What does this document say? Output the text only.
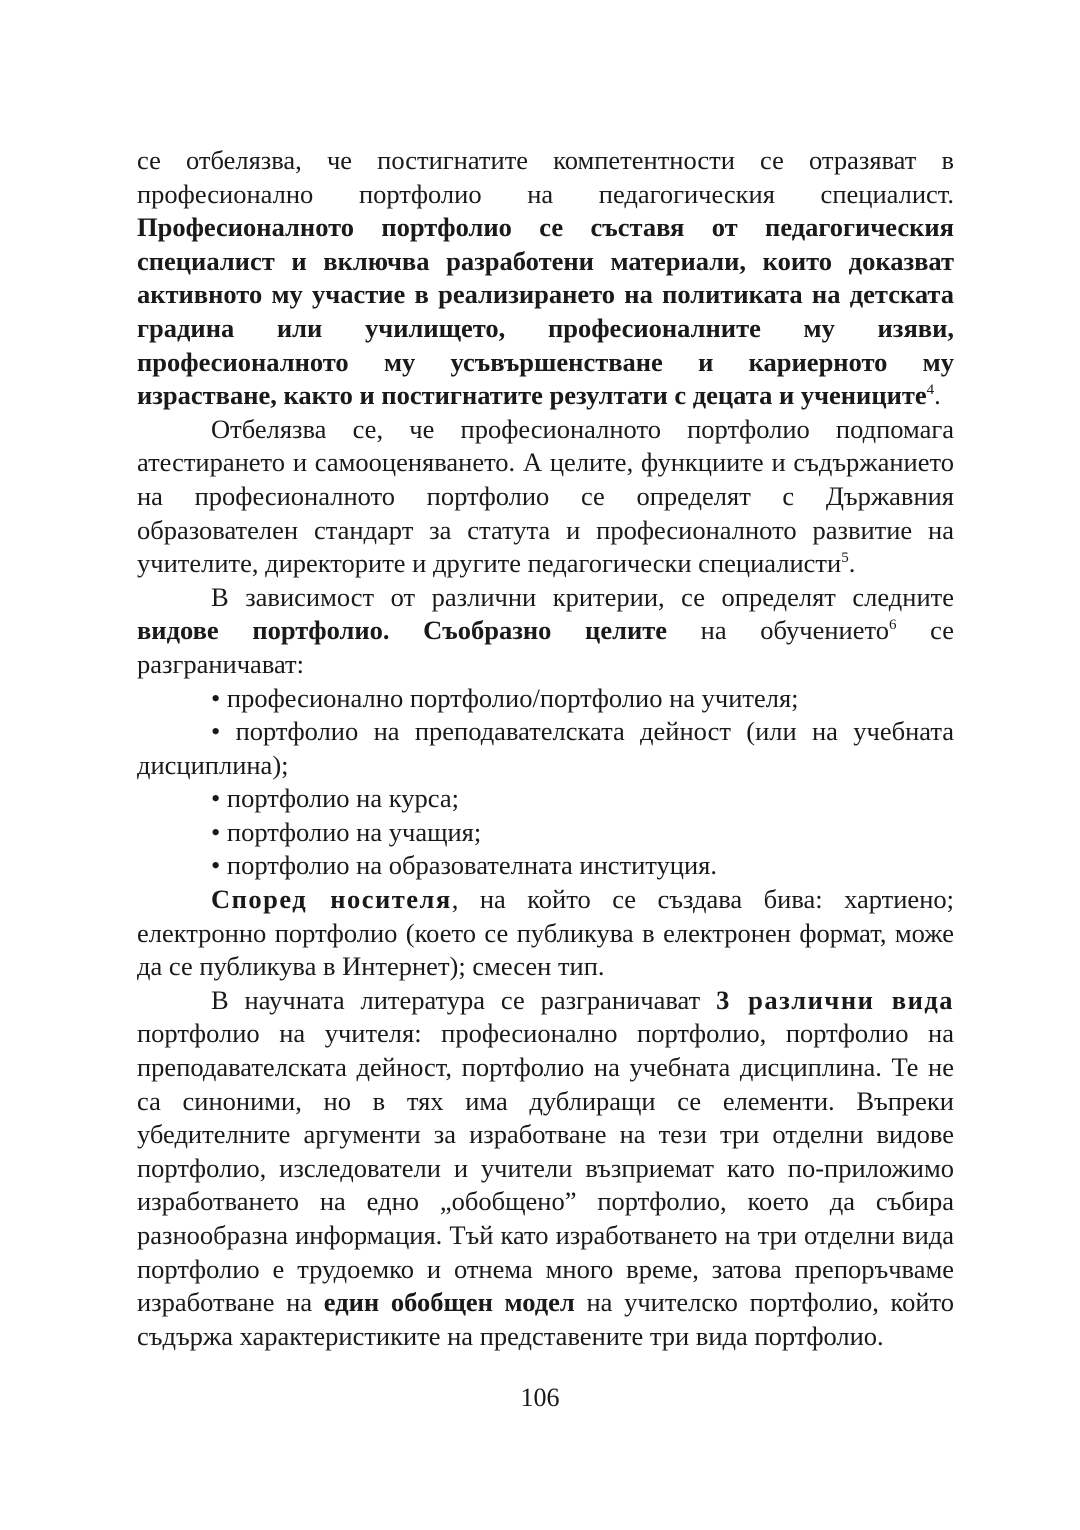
се отбелязва, че постигнатите компетентности се отразяват в професионално портфолио на педагогическия специалист. Професионалното портфолио се съставя от педагогическия специалист и включва разработени материали, които доказват активното му участие в реализирането на политиката на детската градина или училището, професионалните му изяви, професионалното му усъвършенстване и кариерното му израстване, както и постигнатите резултати с децата и учениците$^4$.

Отбелязва се, че професионалното портфолио подпомага атестирането и самооценяването. А целите, функциите и съдържанието на професионалното портфолио се определят с Държавния образователен стандарт за статута и професионалното развитие на учителите, директорите и другите педагогически специалисти$^5$.

В зависимост от различни критерии, се определят следните видове портфолио. Съобразно целите на обучението$^6$ се разграничават:

• професионално портфолио/портфолио на учителя;

• портфолио на преподавателската дейност (или на учебната дисциплина);

• портфолио на курса;

• портфолио на учащия;

• портфолио на образователната институция.

Според носителя, на който се създава бива: хартиено; електронно портфолио (което се публикува в електронен формат, може да се публикува в Интернет); смесен тип.

В научната литература се разграничават 3 различни вида портфолио на учителя: професионално портфолио, портфолио на преподавателската дейност, портфолио на учебната дисциплина. Те не са синоними, но в тях има дублиращи се елементи. Въпреки убедителните аргументи за изработване на тези три отделни видове портфолио, изследователи и учители възприемат като по-приложимо изработването на едно „обобщено” портфолио, което да събира разнообразна информация. Тъй като изработването на три отделни вида портфолио е трудоемко и отнема много време, затова препоръчваме изработване на един обобщен модел на учителско портфолио, който съдържа характеристиките на представените три вида портфолио.

106
